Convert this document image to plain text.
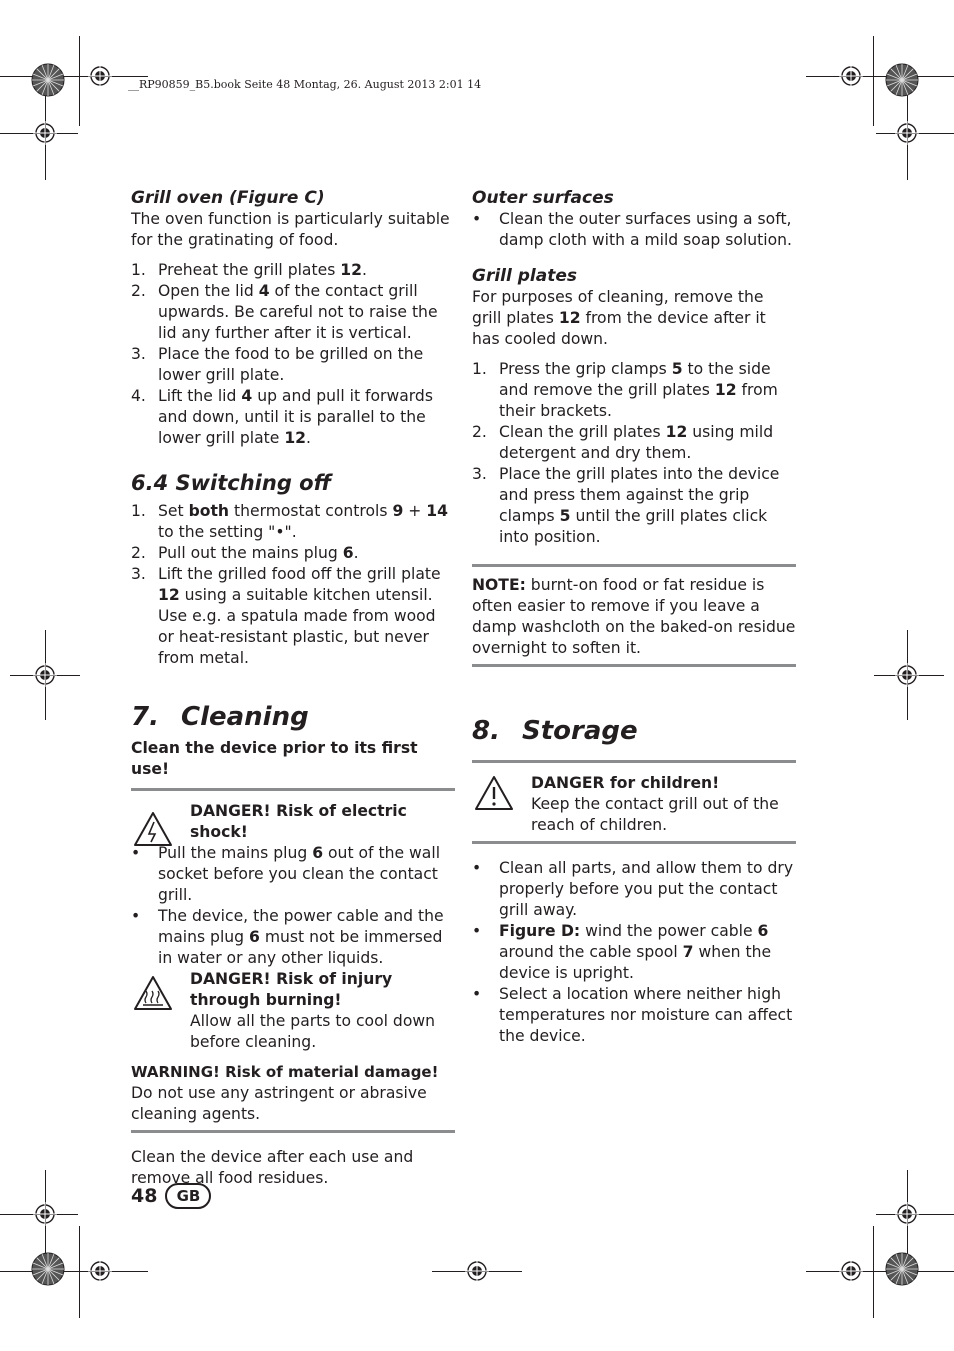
__RP90859_B5.book Seite 48 Montag, 26. August 2013 2:01 14
Grill oven (Figure C)

The oven function is particularly suitable for the gratinating of food.

1. Preheat the grill plates 12.
2. Open the lid 4 of the contact grill upwards. Be careful not to raise the lid any further after it is vertical.
3. Place the food to be grilled on the lower grill plate.
4. Lift the lid 4 up and pull it forwards and down, until it is parallel to the lower grill plate 12.
6.4 Switching off
1. Set both thermostat controls 9 + 14 to the setting "•".
2. Pull out the mains plug 6.
3. Lift the grilled food off the grill plate 12 using a suitable kitchen utensil. Use e.g. a spatula made from wood or heat-resistant plastic, but never from metal.
7. Cleaning

Clean the device prior to its first use!

DANGER! Risk of electric shock!

• Pull the mains plug 6 out of the wall socket before you clean the contact grill.
• The device, the power cable and the mains plug 6 must not be immersed in water or any other liquids.

DANGER! Risk of injury through burning!

Allow all the parts to cool down before cleaning.

WARNING! Risk of material damage!

Do not use any astringent or abrasive cleaning agents.

Clean the device after each use and remove all food residues.

Outer surfaces
• Clean the outer surfaces using a soft, damp cloth with a mild soap solution.
Grill plates

For purposes of cleaning, remove the grill plates 12 from the device after it has cooled down.

1. Press the grip clamps 5 to the side and remove the grill plates 12 from their brackets.
2. Clean the grill plates 12 using mild detergent and dry them.
3. Place the grill plates into the device and press them against the grip clamps 5 until the grill plates click into position.

NOTE: burnt-on food or fat residue is often easier to remove if you leave a damp washcloth on the baked-on residue overnight to soften it.

8. Storage

DANGER for children!

Keep the contact grill out of the reach of children.

• Clean all parts, and allow them to dry properly before you put the contact grill away.
• Figure D: wind the power cable 6 around the cable spool 7 when the device is upright.
• Select a location where neither high temperatures nor moisture can affect the device.
48	GB
